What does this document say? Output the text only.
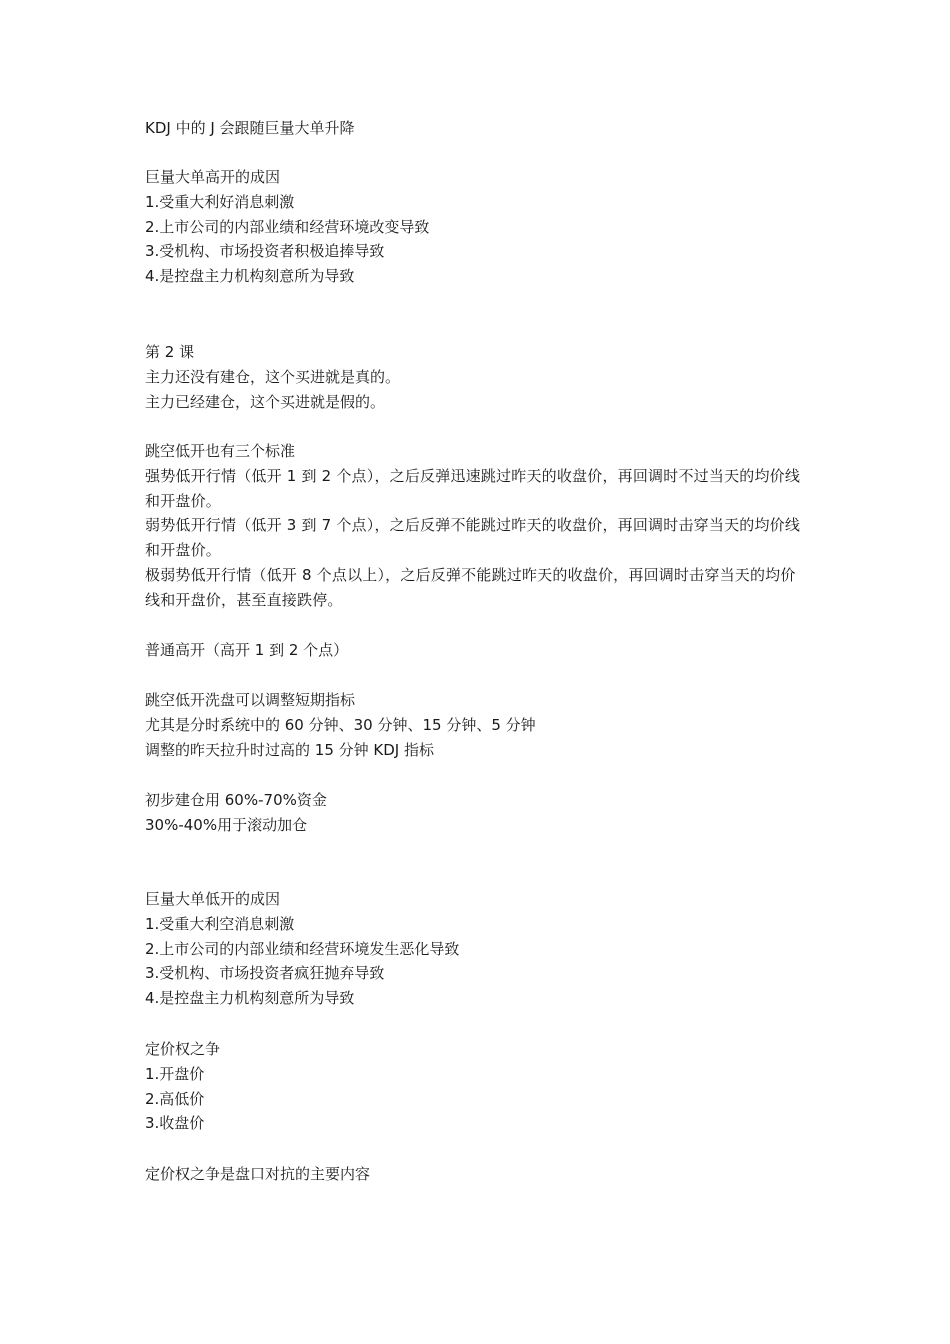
KDJ 中的 J 会跟随巨量大单升降
巨量大单高开的成因
1.受重大利好消息刺激
2.上市公司的内部业绩和经营环境改变导致
3.受机构、市场投资者积极追捧导致
4.是控盘主力机构刻意所为导致
第 2 课
主力还没有建仓，这个买进就是真的。
主力已经建仓，这个买进就是假的。
跳空低开也有三个标准
强势低开行情（低开 1 到 2 个点），之后反弹迅速跳过昨天的收盘价，再回调时不过当天的均价线和开盘价。
弱势低开行情（低开 3 到 7 个点），之后反弹不能跳过昨天的收盘价，再回调时击穿当天的均价线和开盘价。
极弱势低开行情（低开 8 个点以上），之后反弹不能跳过昨天的收盘价，再回调时击穿当天的均价线和开盘价，甚至直接跌停。
普通高开（高开 1 到 2 个点）
跳空低开洗盘可以调整短期指标
尤其是分时系统中的 60 分钟、30 分钟、15 分钟、5 分钟
调整的昨天拉升时过高的 15 分钟 KDJ 指标
初步建仓用 60%-70%资金
30%-40%用于滚动加仓
巨量大单低开的成因
1.受重大利空消息刺激
2.上市公司的内部业绩和经营环境发生恶化导致
3.受机构、市场投资者疯狂抛弃导致
4.是控盘主力机构刻意所为导致
定价权之争
1.开盘价
2.高低价
3.收盘价
定价权之争是盘口对抗的主要内容
